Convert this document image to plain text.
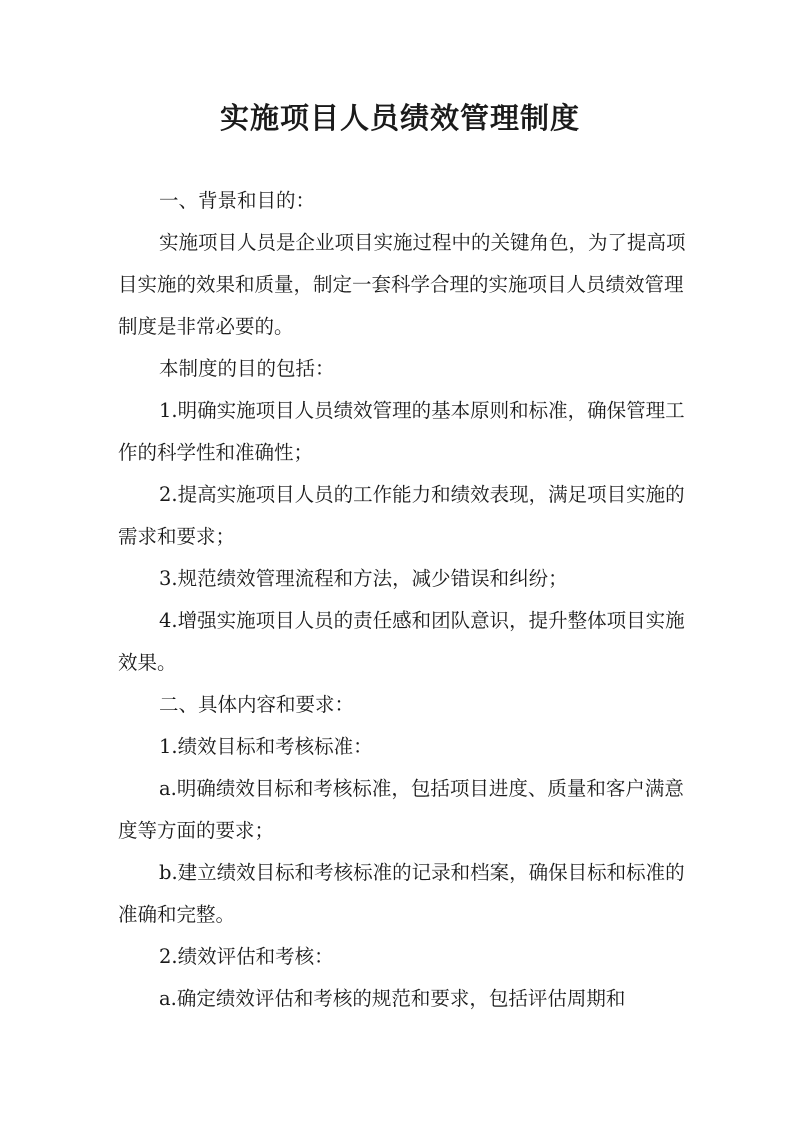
实施项目人员绩效管理制度

一、背景和目的：

实施项目人员是企业项目实施过程中的关键角色，为了提高项目实施的效果和质量，制定一套科学合理的实施项目人员绩效管理制度是非常必要的。

本制度的目的包括：

1.明确实施项目人员绩效管理的基本原则和标准，确保管理工作的科学性和准确性；

2.提高实施项目人员的工作能力和绩效表现，满足项目实施的需求和要求；

3.规范绩效管理流程和方法，减少错误和纠纷；

4.增强实施项目人员的责任感和团队意识，提升整体项目实施效果。

二、具体内容和要求：

1.绩效目标和考核标准：

a.明确绩效目标和考核标准，包括项目进度、质量和客户满意度等方面的要求；

b.建立绩效目标和考核标准的记录和档案，确保目标和标准的准确和完整。

2.绩效评估和考核：

a.确定绩效评估和考核的规范和要求，包括评估周期和
